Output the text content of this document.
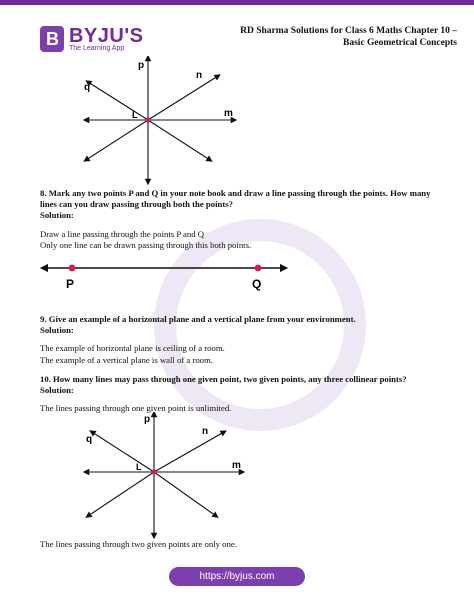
B BYJU'S
The Learning App
RD Sharma Solutions for Class 6 Maths Chapter 10 –
Basic Geometrical Concepts
p
n
q
L	m
8. Mark any two points P and Q in your note book and draw a line passing through the points. How many lines can you draw passing through both the points?
Solution:
Draw a line passing through the points P and Q
Only one line can be drawn passing through this both points.
P	Q
9. Give an example of a horizontal plane and a vertical plane from your environment.
Solution:
The example of horizontal plane is ceiling of a room.
The example of a vertical plane is wall of a room.
10. How many lines may pass through one given point, two given points, any three collinear points?
Solution:
The lines passing through one given point is unlimited.
p
n
q
L	m
The lines passing through two given points are only one.
https://byjus.com
